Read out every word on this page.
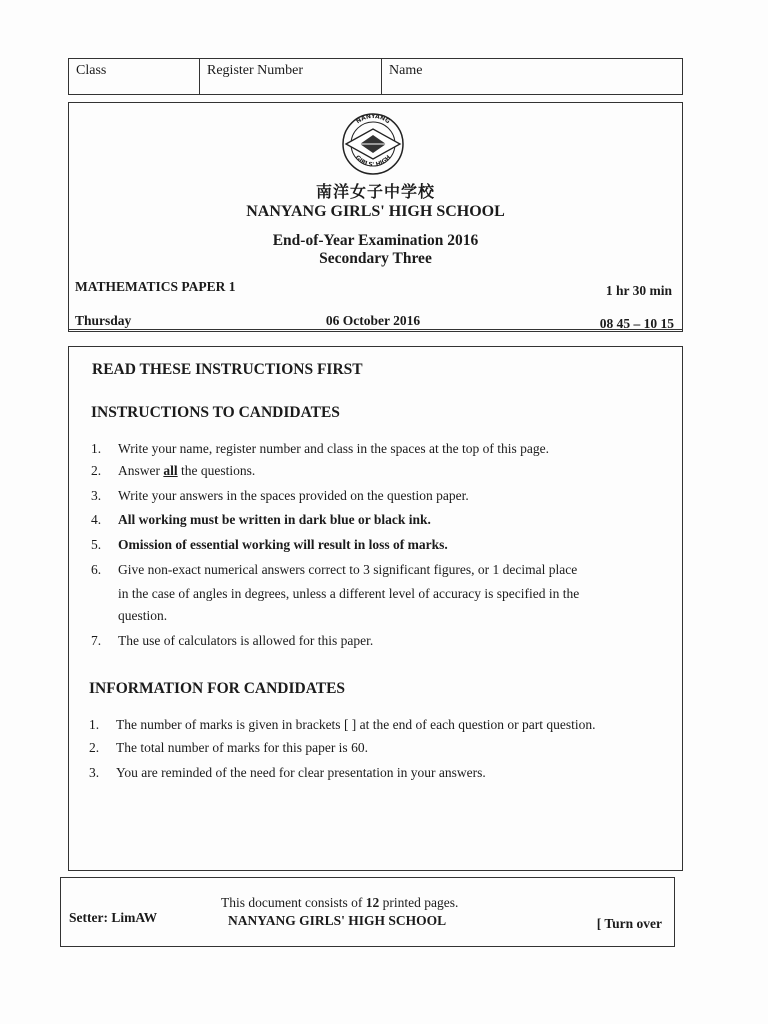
Class	Register Number	Name
NANYANG
GIRLS' HIGH
南洋女子中学校
NANYANG GIRLS' HIGH SCHOOL
End-of-Year Examination 2016
Secondary Three
MATHEMATICS PAPER 1	1 hr 30 min
Thursday	06 October 2016	08 45 – 10 15
READ THESE INSTRUCTIONS FIRST
INSTRUCTIONS TO CANDIDATES
1.	Write your name, register number and class in the spaces at the top of this page.
2.	Answer all the questions.
3.	Write your answers in the spaces provided on the question paper.
4.	All working must be written in dark blue or black ink.
5.	Omission of essential working will result in loss of marks.
6.	Give non-exact numerical answers correct to 3 significant figures, or 1 decimal place
in the case of angles in degrees, unless a different level of accuracy is specified in the
question.
7.	The use of calculators is allowed for this paper.
INFORMATION FOR CANDIDATES
1.	The number of marks is given in brackets [ ] at the end of each question or part question.
2.	The total number of marks for this paper is 60.
3.	You are reminded of the need for clear presentation in your answers.
This document consists of 12 printed pages.
Setter: LimAW	NANYANG GIRLS' HIGH SCHOOL	[ Turn over
